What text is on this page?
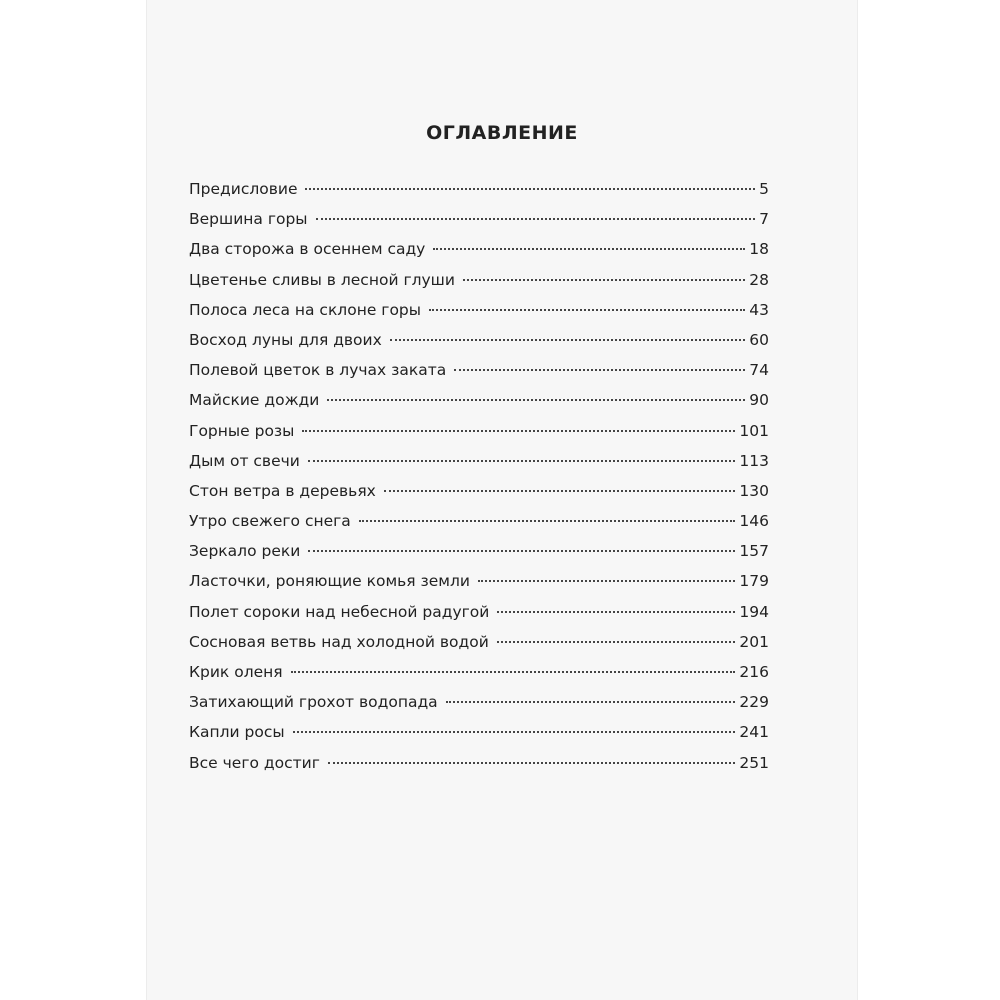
ОГЛАВЛЕНИЕ
Предисловие	5
Вершина горы	7
Два сторожа в осеннем саду	18
Цветенье сливы в лесной глуши	28
Полоса леса на склоне горы	43
Восход луны для двоих	60
Полевой цветок в лучах заката	74
Майские дожди	90
Горные розы	101
Дым от свечи	113
Стон ветра в деревьях	130
Утро свежего снега	146
Зеркало реки	157
Ласточки, роняющие комья земли	179
Полет сороки над небесной радугой	194
Сосновая ветвь над холодной водой	201
Крик оленя	216
Затихающий грохот водопада	229
Капли росы	241
Все чего достиг	251
